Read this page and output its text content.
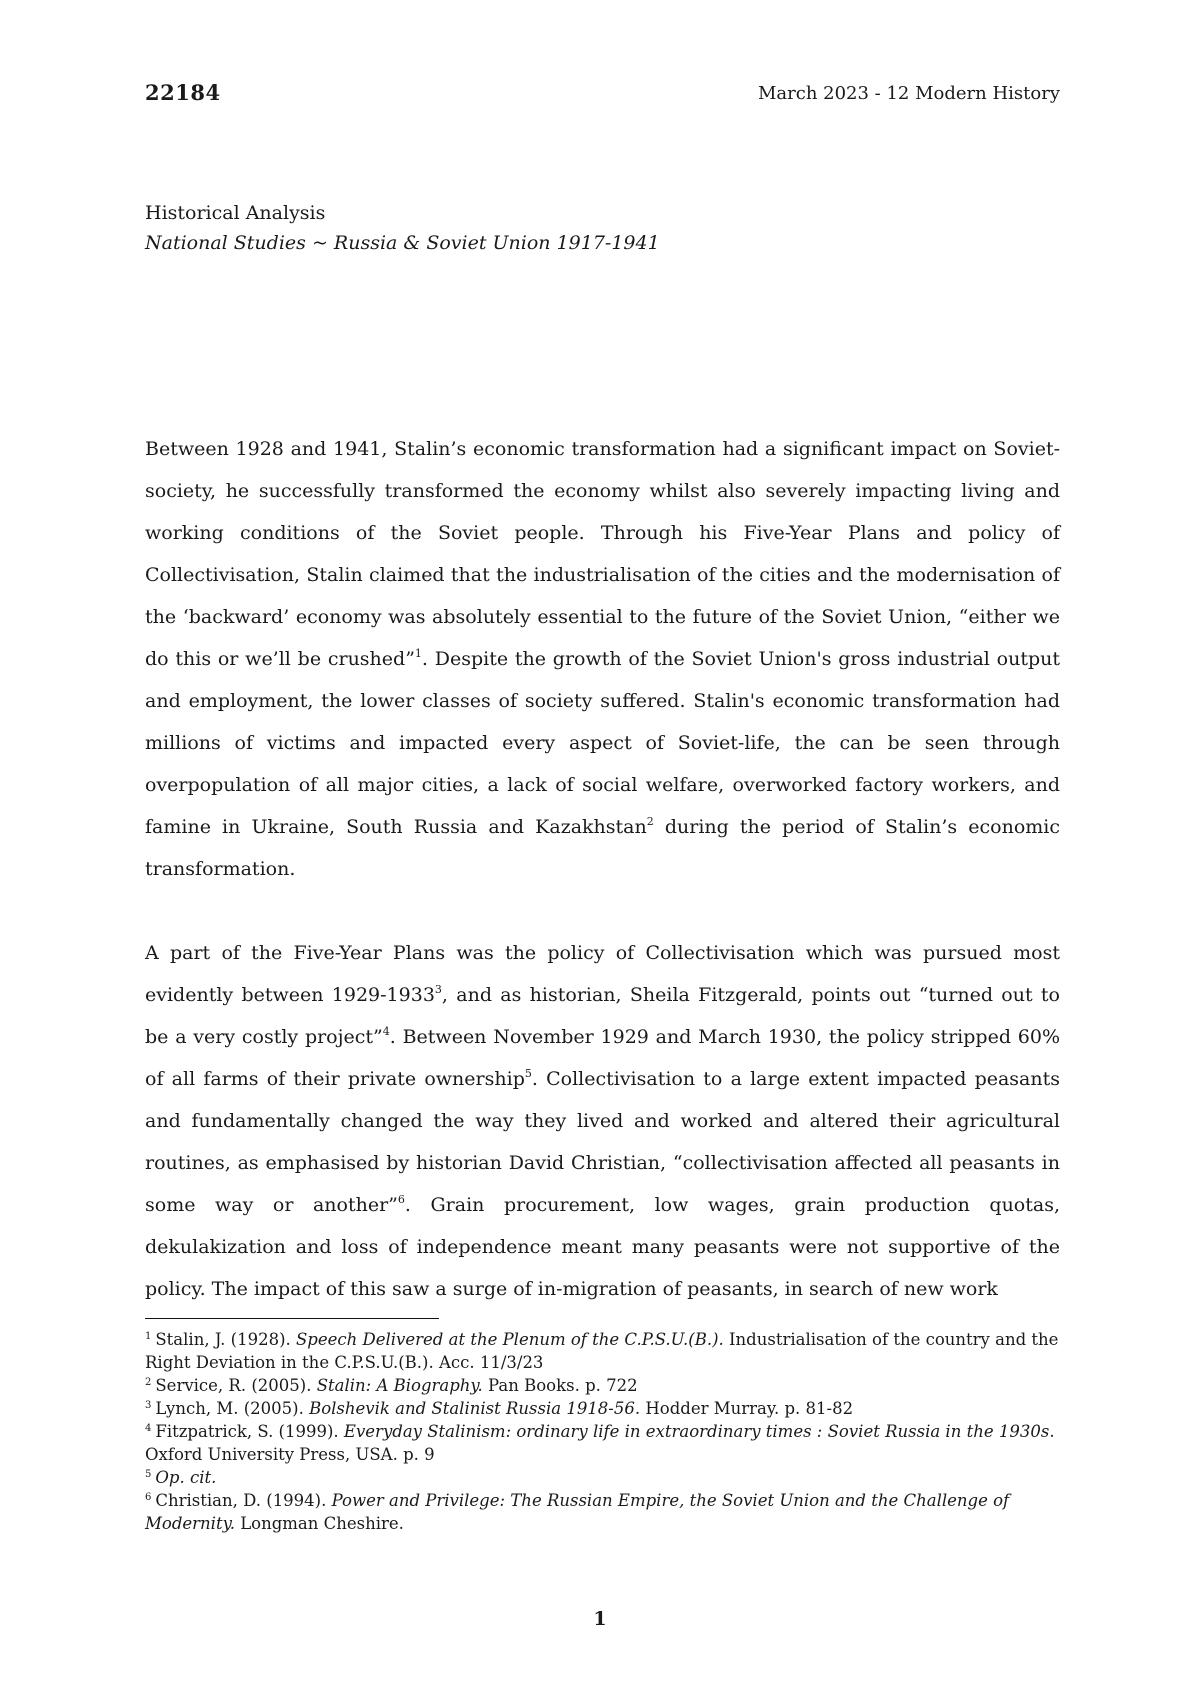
22184	March 2023 - 12 Modern History
Historical Analysis
National Studies ~ Russia & Soviet Union 1917-1941

Between 1928 and 1941, Stalin’s economic transformation had a significant impact on Soviet-society, he successfully transformed the economy whilst also severely impacting living and working conditions of the Soviet people. Through his Five-Year Plans and policy of Collectivisation, Stalin claimed that the industrialisation of the cities and the modernisation of the ‘backward’ economy was absolutely essential to the future of the Soviet Union, “either we do this or we’ll be crushed”$^1$. Despite the growth of the Soviet Union's gross industrial output and employment, the lower classes of society suffered. Stalin's economic transformation had millions of victims and impacted every aspect of Soviet-life, the can be seen through overpopulation of all major cities, a lack of social welfare, overworked factory workers, and famine in Ukraine, South Russia and Kazakhstan$^2$ during the period of Stalin’s economic transformation.

A part of the Five-Year Plans was the policy of Collectivisation which was pursued most evidently between 1929-1933$^3$, and as historian, Sheila Fitzgerald, points out “turned out to be a very costly project”$^4$. Between November 1929 and March 1930, the policy stripped 60% of all farms of their private ownership$^5$. Collectivisation to a large extent impacted peasants and fundamentally changed the way they lived and worked and altered their agricultural routines, as emphasised by historian David Christian, “collectivisation affected all peasants in some way or another”$^6$. Grain procurement, low wages, grain production quotas, dekulakization and loss of independence meant many peasants were not supportive of the policy. The impact of this saw a surge of in-migration of peasants, in search of new work

$^1$ Stalin, J. (1928). Speech Delivered at the Plenum of the C.P.S.U.(B.). Industrialisation of the country and the Right Deviation in the C.P.S.U.(B.). Acc. 11/3/23

$^2$ Service, R. (2005). Stalin: A Biography. Pan Books. p. 722

$^3$ Lynch, M. (2005). Bolshevik and Stalinist Russia 1918-56. Hodder Murray. p. 81-82

$^4$ Fitzpatrick, S. (1999). Everyday Stalinism: ordinary life in extraordinary times : Soviet Russia in the 1930s. Oxford University Press, USA. p. 9

$^5$ Op. cit.

$^6$ Christian, D. (1994). Power and Privilege: The Russian Empire, the Soviet Union and the Challenge of Modernity. Longman Cheshire.

1
